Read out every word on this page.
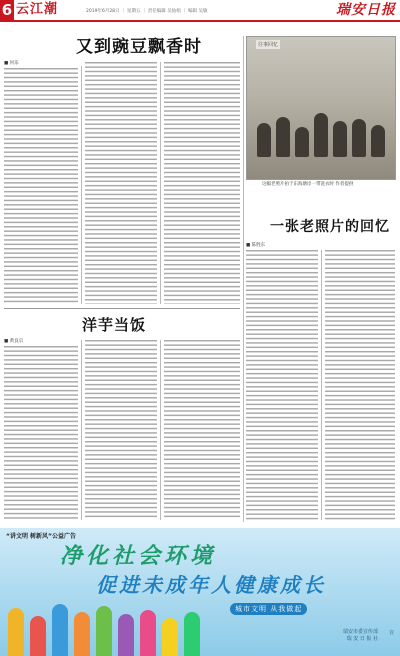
6 云江潮	2019年6月28日 ｜ 星期五 ｜ 责任编辑 吴仙娟 ｜ 编辑 吴敏	瑞安日报
又到豌豆飘香时
■ 何乐
往事回忆
这幅老照片拍于东海塘岸一带洗衣时 作者提供
一张老照片的回忆
■ 陈胜东
洋芋当饭
■ 黄良宗
“讲文明 树新风”公益广告
净化社会环境
促进未成年人健康成长
城市文明 从我做起
瑞安市委宣传部
瑞 安 日 报 社
宣
